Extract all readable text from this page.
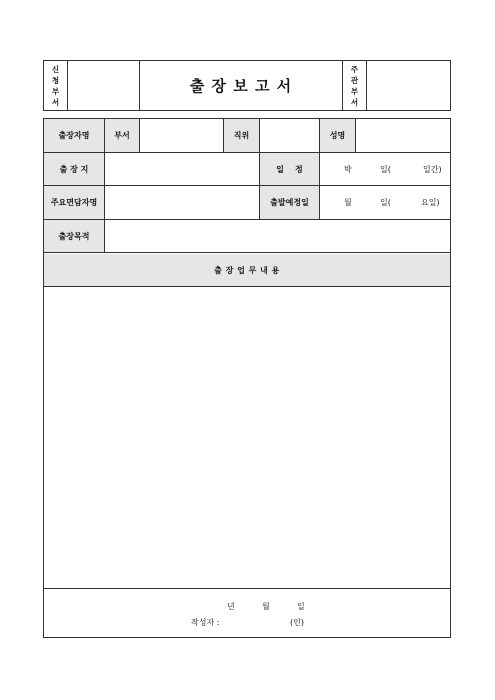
신
청
부
서
출 장 보 고 서
주
관
부
서
출장자명	부서	직위	성명
출 장 지	일    정	박	일(	일간)
주요면담자명	출발예정일	월	일(	요일)
출장목적
출 장 업 무 내 용
년	월	일
작성자 :	(인)
